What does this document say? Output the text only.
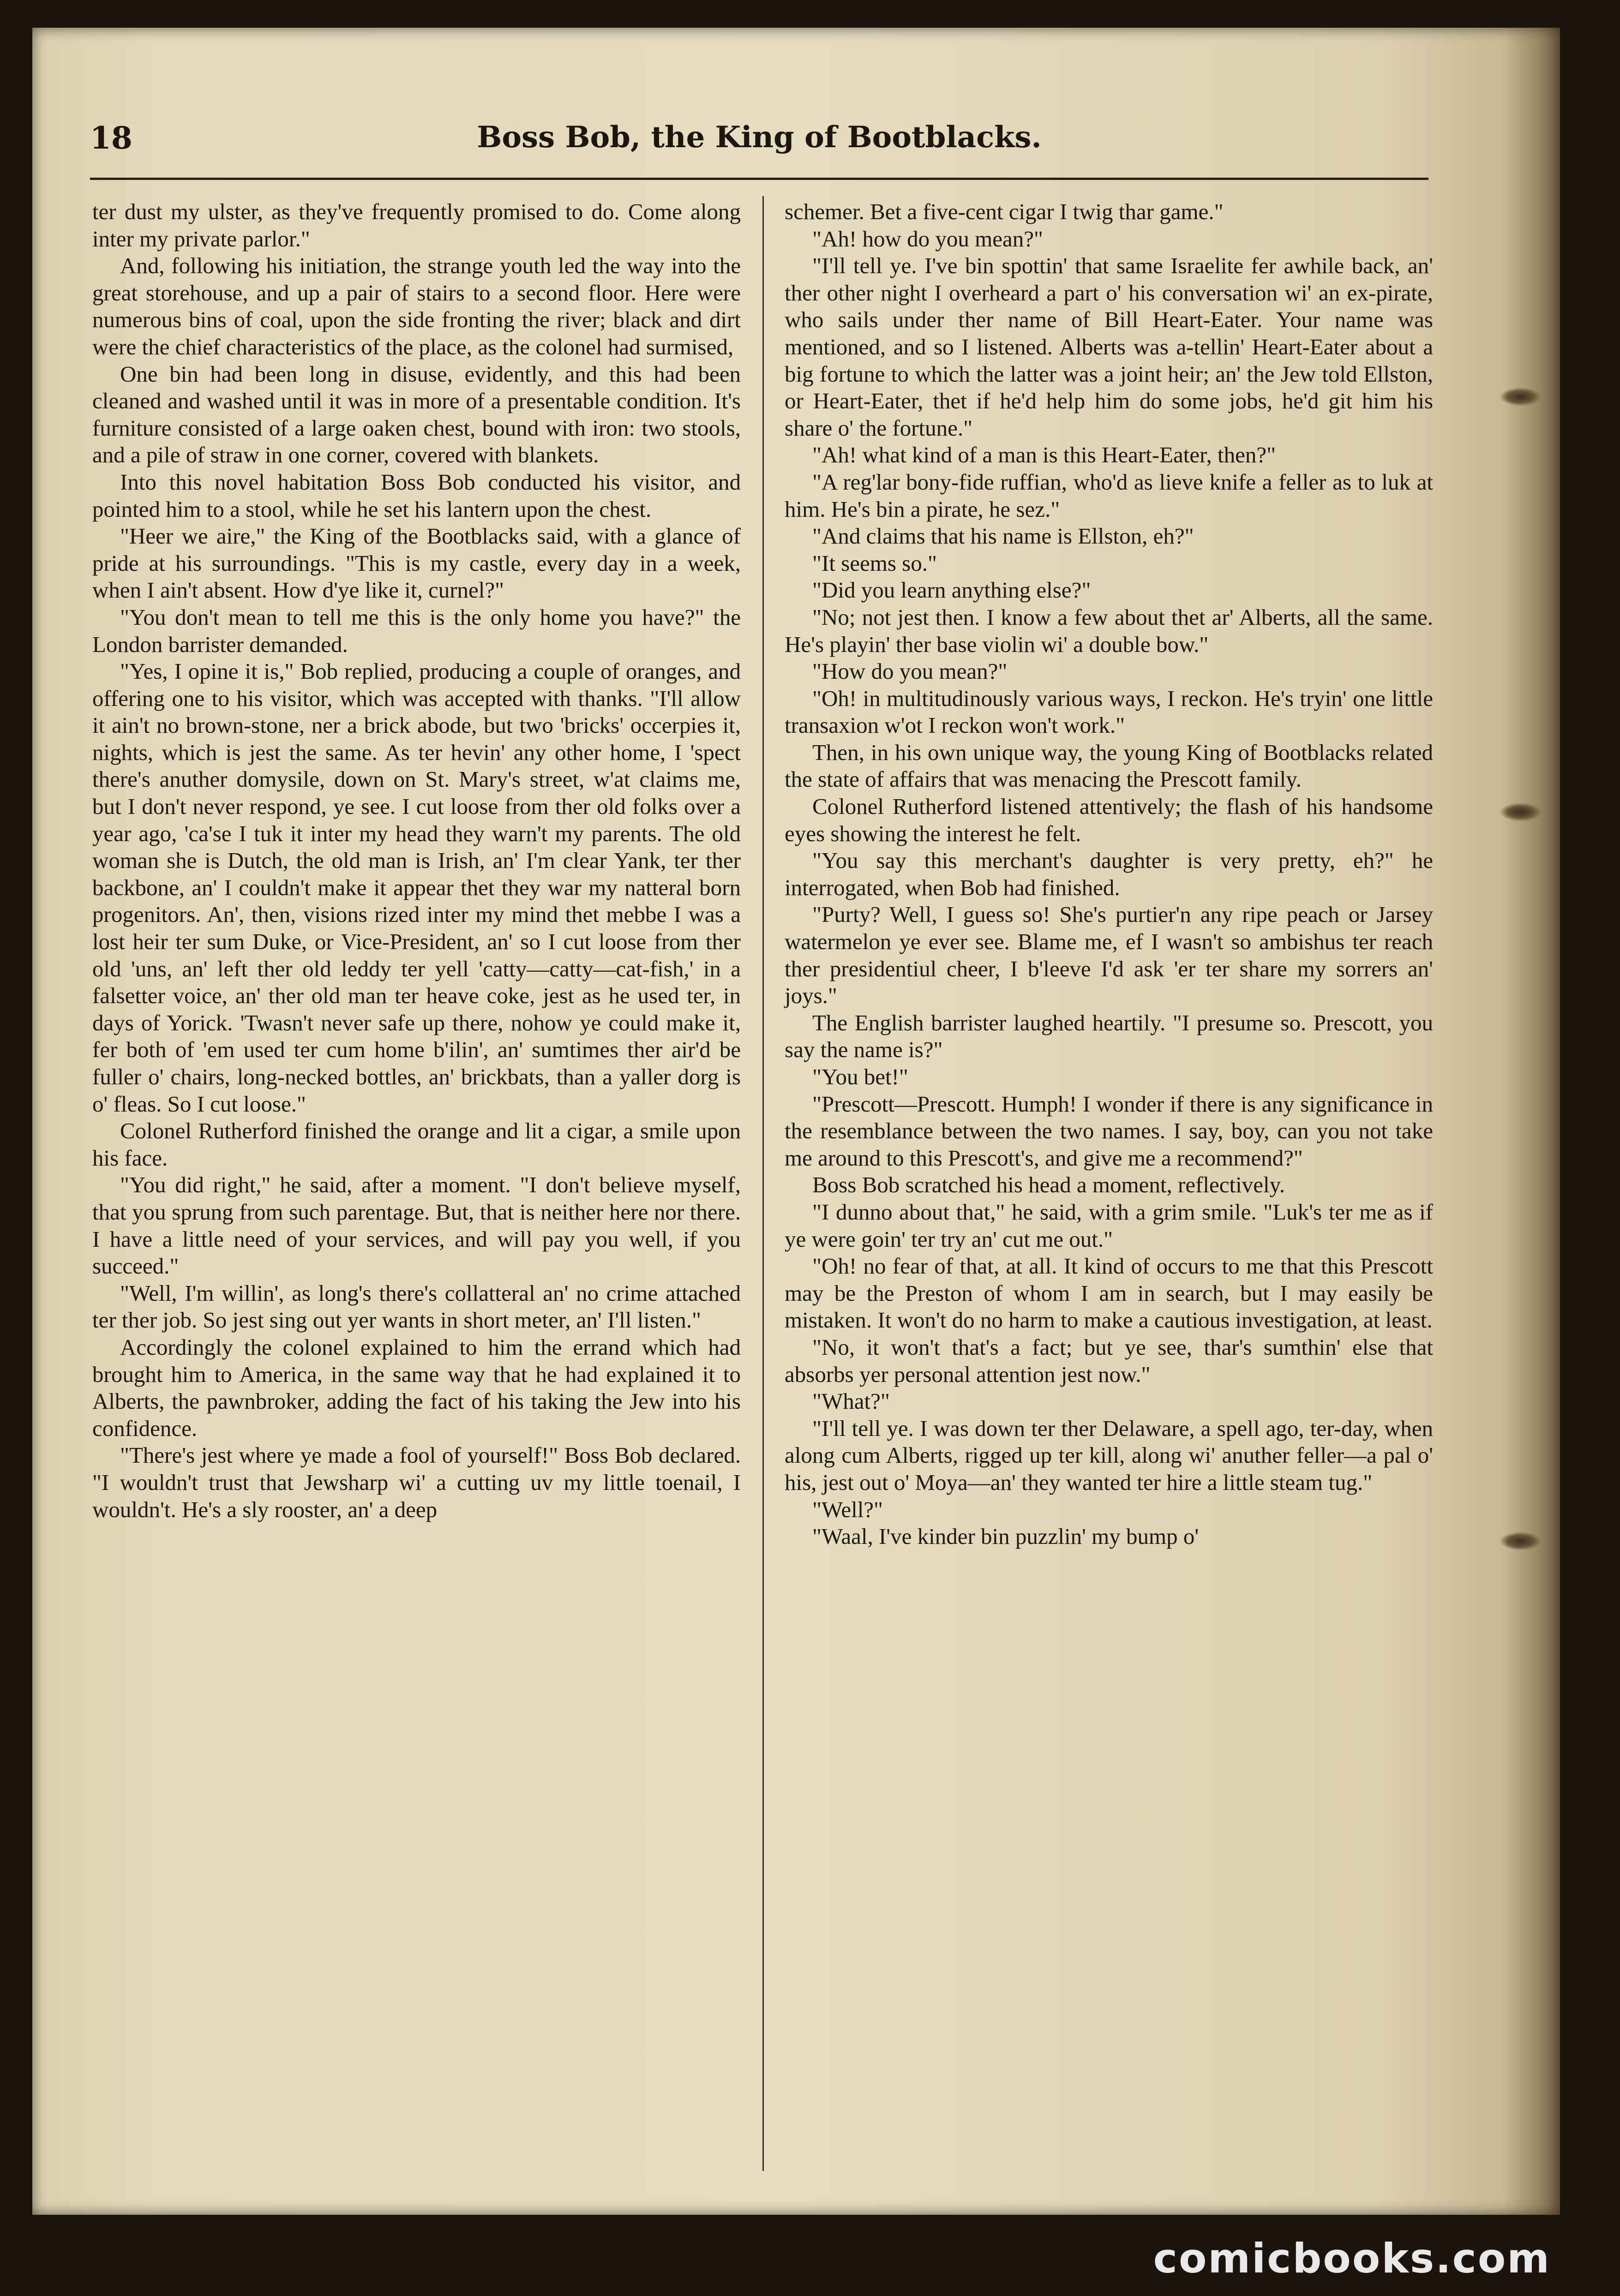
18	Boss Bob, the King of Bootblacks.

ter dust my ulster, as they've frequently promised to do. Come along inter my private parlor."

And, following his initiation, the strange youth led the way into the great storehouse, and up a pair of stairs to a second floor. Here were numerous bins of coal, upon the side fronting the river; black and dirt were the chief characteristics of the place, as the colonel had surmised,

One bin had been long in disuse, evidently, and this had been cleaned and washed until it was in more of a presentable condition. It's furniture consisted of a large oaken chest, bound with iron: two stools, and a pile of straw in one corner, covered with blankets.

Into this novel habitation Boss Bob conducted his visitor, and pointed him to a stool, while he set his lantern upon the chest.

"Heer we aire," the King of the Bootblacks said, with a glance of pride at his surroundings. "This is my castle, every day in a week, when I ain't absent. How d'ye like it, curnel?"

"You don't mean to tell me this is the only home you have?" the London barrister demanded.

"Yes, I opine it is," Bob replied, producing a couple of oranges, and offering one to his visitor, which was accepted with thanks. "I'll allow it ain't no brown-stone, ner a brick abode, but two 'bricks' occerpies it, nights, which is jest the same. As ter hevin' any other home, I 'spect there's anuther domysile, down on St. Mary's street, w'at claims me, but I don't never respond, ye see. I cut loose from ther old folks over a year ago, 'ca'se I tuk it inter my head they warn't my parents. The old woman she is Dutch, the old man is Irish, an' I'm clear Yank, ter ther backbone, an' I couldn't make it appear thet they war my natteral born progenitors. An', then, visions rized inter my mind thet mebbe I was a lost heir ter sum Duke, or Vice-President, an' so I cut loose from ther old 'uns, an' left ther old leddy ter yell 'catty—catty—cat-fish,' in a falsetter voice, an' ther old man ter heave coke, jest as he used ter, in days of Yorick. 'Twasn't never safe up there, nohow ye could make it, fer both of 'em used ter cum home b'ilin', an' sumtimes ther air'd be fuller o' chairs, long-necked bottles, an' brickbats, than a yaller dorg is o' fleas. So I cut loose."

Colonel Rutherford finished the orange and lit a cigar, a smile upon his face.

"You did right," he said, after a moment. "I don't believe myself, that you sprung from such parentage. But, that is neither here nor there. I have a little need of your services, and will pay you well, if you succeed."

"Well, I'm willin', as long's there's collatteral an' no crime attached ter ther job. So jest sing out yer wants in short meter, an' I'll listen."

Accordingly the colonel explained to him the errand which had brought him to America, in the same way that he had explained it to Alberts, the pawnbroker, adding the fact of his taking the Jew into his confidence.

"There's jest where ye made a fool of yourself!" Boss Bob declared. "I wouldn't trust that Jewsharp wi' a cutting uv my little toenail, I wouldn't. He's a sly rooster, an' a deep

schemer. Bet a five-cent cigar I twig thar game."

"Ah! how do you mean?"

"I'll tell ye. I've bin spottin' that same Israelite fer awhile back, an' ther other night I overheard a part o' his conversation wi' an ex-pirate, who sails under ther name of Bill Heart-Eater. Your name was mentioned, and so I listened. Alberts was a-tellin' Heart-Eater about a big fortune to which the latter was a joint heir; an' the Jew told Ellston, or Heart-Eater, thet if he'd help him do some jobs, he'd git him his share o' the fortune."

"Ah! what kind of a man is this Heart-Eater, then?"

"A reg'lar bony-fide ruffian, who'd as lieve knife a feller as to luk at him. He's bin a pirate, he sez."

"And claims that his name is Ellston, eh?"

"It seems so."

"Did you learn anything else?"

"No; not jest then. I know a few about thet ar' Alberts, all the same. He's playin' ther base violin wi' a double bow."

"How do you mean?"

"Oh! in multitudinously various ways, I reckon. He's tryin' one little transaxion w'ot I reckon won't work."

Then, in his own unique way, the young King of Bootblacks related the state of affairs that was menacing the Prescott family.

Colonel Rutherford listened attentively; the flash of his handsome eyes showing the interest he felt.

"You say this merchant's daughter is very pretty, eh?" he interrogated, when Bob had finished.

"Purty? Well, I guess so! She's purtier'n any ripe peach or Jarsey watermelon ye ever see. Blame me, ef I wasn't so ambishus ter reach ther presidentiul cheer, I b'leeve I'd ask 'er ter share my sorrers an' joys."

The English barrister laughed heartily. "I presume so. Prescott, you say the name is?"

"You bet!"

"Prescott—Prescott. Humph! I wonder if there is any significance in the resemblance between the two names. I say, boy, can you not take me around to this Prescott's, and give me a recommend?"

Boss Bob scratched his head a moment, reflectively.

"I dunno about that," he said, with a grim smile. "Luk's ter me as if ye were goin' ter try an' cut me out."

"Oh! no fear of that, at all. It kind of occurs to me that this Prescott may be the Preston of whom I am in search, but I may easily be mistaken. It won't do no harm to make a cautious investigation, at least.

"No, it won't that's a fact; but ye see, thar's sumthin' else that absorbs yer personal attention jest now."

"What?"

"I'll tell ye. I was down ter ther Delaware, a spell ago, ter-day, when along cum Alberts, rigged up ter kill, along wi' anuther feller—a pal o' his, jest out o' Moya—an' they wanted ter hire a little steam tug."

"Well?"

"Waal, I've kinder bin puzzlin' my bump o'

comicbooks.com
